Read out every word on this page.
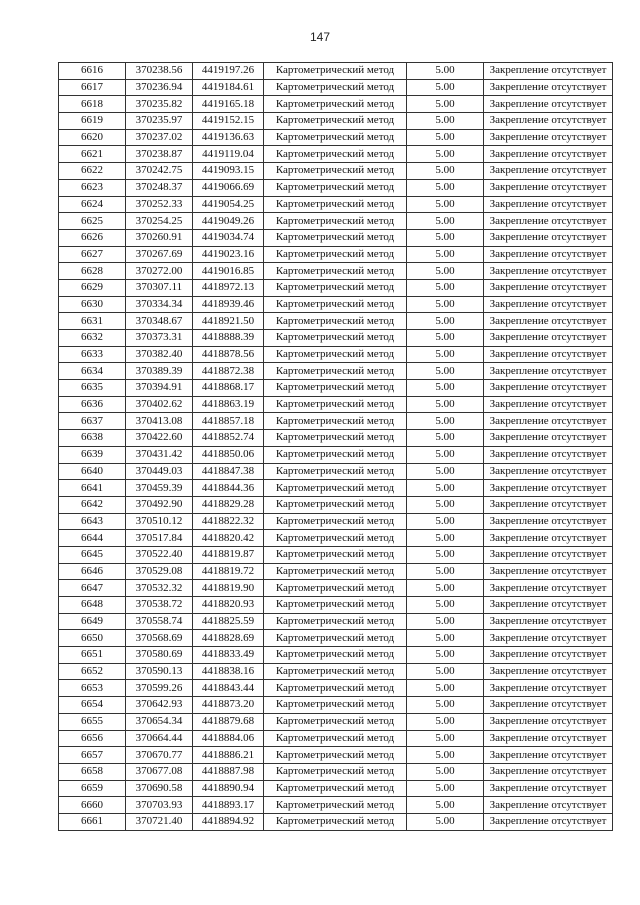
147
6616	370238.56	4419197.26	Картометрический метод	5.00	Закрепление отсутствует
6617	370236.94	4419184.61	Картометрический метод	5.00	Закрепление отсутствует
6618	370235.82	4419165.18	Картометрический метод	5.00	Закрепление отсутствует
6619	370235.97	4419152.15	Картометрический метод	5.00	Закрепление отсутствует
6620	370237.02	4419136.63	Картометрический метод	5.00	Закрепление отсутствует
6621	370238.87	4419119.04	Картометрический метод	5.00	Закрепление отсутствует
6622	370242.75	4419093.15	Картометрический метод	5.00	Закрепление отсутствует
6623	370248.37	4419066.69	Картометрический метод	5.00	Закрепление отсутствует
6624	370252.33	4419054.25	Картометрический метод	5.00	Закрепление отсутствует
6625	370254.25	4419049.26	Картометрический метод	5.00	Закрепление отсутствует
6626	370260.91	4419034.74	Картометрический метод	5.00	Закрепление отсутствует
6627	370267.69	4419023.16	Картометрический метод	5.00	Закрепление отсутствует
6628	370272.00	4419016.85	Картометрический метод	5.00	Закрепление отсутствует
6629	370307.11	4418972.13	Картометрический метод	5.00	Закрепление отсутствует
6630	370334.34	4418939.46	Картометрический метод	5.00	Закрепление отсутствует
6631	370348.67	4418921.50	Картометрический метод	5.00	Закрепление отсутствует
6632	370373.31	4418888.39	Картометрический метод	5.00	Закрепление отсутствует
6633	370382.40	4418878.56	Картометрический метод	5.00	Закрепление отсутствует
6634	370389.39	4418872.38	Картометрический метод	5.00	Закрепление отсутствует
6635	370394.91	4418868.17	Картометрический метод	5.00	Закрепление отсутствует
6636	370402.62	4418863.19	Картометрический метод	5.00	Закрепление отсутствует
6637	370413.08	4418857.18	Картометрический метод	5.00	Закрепление отсутствует
6638	370422.60	4418852.74	Картометрический метод	5.00	Закрепление отсутствует
6639	370431.42	4418850.06	Картометрический метод	5.00	Закрепление отсутствует
6640	370449.03	4418847.38	Картометрический метод	5.00	Закрепление отсутствует
6641	370459.39	4418844.36	Картометрический метод	5.00	Закрепление отсутствует
6642	370492.90	4418829.28	Картометрический метод	5.00	Закрепление отсутствует
6643	370510.12	4418822.32	Картометрический метод	5.00	Закрепление отсутствует
6644	370517.84	4418820.42	Картометрический метод	5.00	Закрепление отсутствует
6645	370522.40	4418819.87	Картометрический метод	5.00	Закрепление отсутствует
6646	370529.08	4418819.72	Картометрический метод	5.00	Закрепление отсутствует
6647	370532.32	4418819.90	Картометрический метод	5.00	Закрепление отсутствует
6648	370538.72	4418820.93	Картометрический метод	5.00	Закрепление отсутствует
6649	370558.74	4418825.59	Картометрический метод	5.00	Закрепление отсутствует
6650	370568.69	4418828.69	Картометрический метод	5.00	Закрепление отсутствует
6651	370580.69	4418833.49	Картометрический метод	5.00	Закрепление отсутствует
6652	370590.13	4418838.16	Картометрический метод	5.00	Закрепление отсутствует
6653	370599.26	4418843.44	Картометрический метод	5.00	Закрепление отсутствует
6654	370642.93	4418873.20	Картометрический метод	5.00	Закрепление отсутствует
6655	370654.34	4418879.68	Картометрический метод	5.00	Закрепление отсутствует
6656	370664.44	4418884.06	Картометрический метод	5.00	Закрепление отсутствует
6657	370670.77	4418886.21	Картометрический метод	5.00	Закрепление отсутствует
6658	370677.08	4418887.98	Картометрический метод	5.00	Закрепление отсутствует
6659	370690.58	4418890.94	Картометрический метод	5.00	Закрепление отсутствует
6660	370703.93	4418893.17	Картометрический метод	5.00	Закрепление отсутствует
6661	370721.40	4418894.92	Картометрический метод	5.00	Закрепление отсутствует
